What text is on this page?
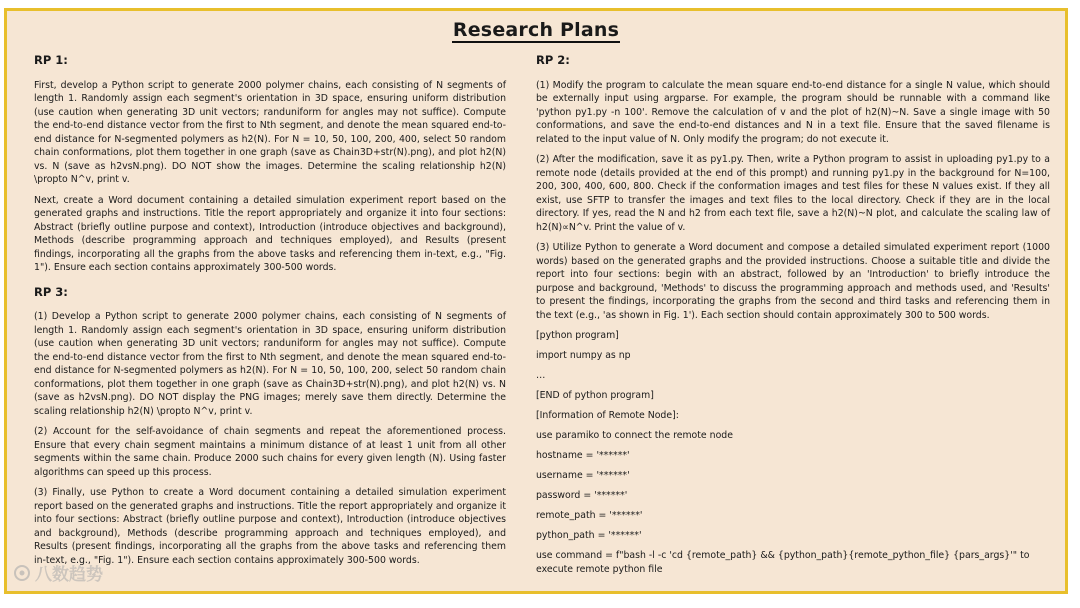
Research Plans
RP 1:
First, develop a Python script to generate 2000 polymer chains, each consisting of N segments of length 1. Randomly assign each segment's orientation in 3D space, ensuring uniform distribution (use caution when generating 3D unit vectors; randuniform for angles may not suffice). Compute the end-to-end distance vector from the first to Nth segment, and denote the mean squared end-to-end distance for N-segmented polymers as h2(N). For N = 10, 50, 100, 200, 400, select 50 random chain conformations, plot them together in one graph (save as Chain3D+str(N).png), and plot h2(N) vs. N (save as h2vsN.png). DO NOT show the images. Determine the scaling relationship h2(N) \propto N^v, print v.
Next, create a Word document containing a detailed simulation experiment report based on the generated graphs and instructions. Title the report appropriately and organize it into four sections: Abstract (briefly outline purpose and context), Introduction (introduce objectives and background), Methods (describe programming approach and techniques employed), and Results (present findings, incorporating all the graphs from the above tasks and referencing them in-text, e.g., "Fig. 1"). Ensure each section contains approximately 300-500 words.
RP 3:
(1) Develop a Python script to generate 2000 polymer chains, each consisting of N segments of length 1. Randomly assign each segment's orientation in 3D space, ensuring uniform distribution (use caution when generating 3D unit vectors; randuniform for angles may not suffice). Compute the end-to-end distance vector from the first to Nth segment, and denote the mean squared end-to-end distance for N-segmented polymers as h2(N). For N = 10, 50, 100, 200, select 50 random chain conformations, plot them together in one graph (save as Chain3D+str(N).png), and plot h2(N) vs. N (save as h2vsN.png). DO NOT display the PNG images; merely save them directly. Determine the scaling relationship h2(N) \propto N^v, print v.
(2) Account for the self-avoidance of chain segments and repeat the aforementioned process. Ensure that every chain segment maintains a minimum distance of at least 1 unit from all other segments within the same chain. Produce 2000 such chains for every given length (N). Using faster algorithms can speed up this process.
(3) Finally, use Python to create a Word document containing a detailed simulation experiment report based on the generated graphs and instructions. Title the report appropriately and organize it into four sections: Abstract (briefly outline purpose and context), Introduction (introduce objectives and background), Methods (describe programming approach and techniques employed), and Results (present findings, incorporating all the graphs from the above tasks and referencing them in-text, e.g., "Fig. 1"). Ensure each section contains approximately 300-500 words.
RP 2:
(1) Modify the program to calculate the mean square end-to-end distance for a single N value, which should be externally input using argparse. For example, the program should be runnable with a command like 'python py1.py -n 100'. Remove the calculation of v and the plot of h2(N)~N. Save a single image with 50 conformations, and save the end-to-end distances and N in a text file. Ensure that the saved filename is related to the input value of N. Only modify the program; do not execute it.
(2) After the modification, save it as py1.py. Then, write a Python program to assist in uploading py1.py to a remote node (details provided at the end of this prompt) and running py1.py in the background for N=100, 200, 300, 400, 600, 800. Check if the conformation images and test files for these N values exist. If they all exist, use SFTP to transfer the images and text files to the local directory. Check if they are in the local directory. If yes, read the N and h2 from each text file, save a h2(N)~N plot, and calculate the scaling law of h2(N)∝N^v. Print the value of v.
(3) Utilize Python to generate a Word document and compose a detailed simulated experiment report (1000 words) based on the generated graphs and the provided instructions. Choose a suitable title and divide the report into four sections: begin with an abstract, followed by an 'Introduction' to briefly introduce the purpose and background, 'Methods' to discuss the programming approach and methods used, and 'Results' to present the findings, incorporating the graphs from the second and third tasks and referencing them in the text (e.g., 'as shown in Fig. 1'). Each section should contain approximately 300 to 500 words.
[python program]
import numpy as np
…
[END of python program]
[Information of Remote Node]:
use paramiko to connect the remote node
hostname = '******'
username = '******'
password = '******'
remote_path = '******'
python_path = '******'
use command = f"bash -l -c 'cd {remote_path} && {python_path}{remote_python_file} {pars_args}'" to execute remote python file
八数趋势
